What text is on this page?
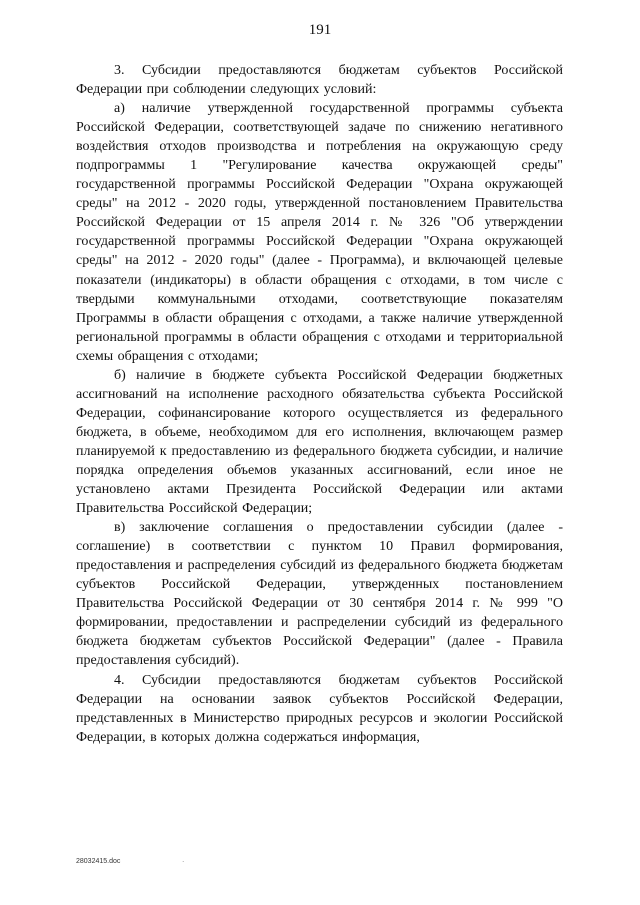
191

3. Субсидии предоставляются бюджетам субъектов Российской Федерации при соблюдении следующих условий:

а) наличие утвержденной государственной программы субъекта Российской Федерации, соответствующей задаче по снижению негативного воздействия отходов производства и потребления на окружающую среду подпрограммы 1 "Регулирование качества окружающей среды" государственной программы Российской Федерации "Охрана окружающей среды" на 2012 - 2020 годы, утвержденной постановлением Правительства Российской Федерации от 15 апреля 2014 г. № 326 "Об утверждении государственной программы Российской Федерации "Охрана окружающей среды" на 2012 - 2020 годы" (далее - Программа), и включающей целевые показатели (индикаторы) в области обращения с отходами, в том числе с твердыми коммунальными отходами, соответствующие показателям Программы в области обращения с отходами, а также наличие утвержденной региональной программы в области обращения с отходами и территориальной схемы обращения с отходами;

б) наличие в бюджете субъекта Российской Федерации бюджетных ассигнований на исполнение расходного обязательства субъекта Российской Федерации, софинансирование которого осуществляется из федерального бюджета, в объеме, необходимом для его исполнения, включающем размер планируемой к предоставлению из федерального бюджета субсидии, и наличие порядка определения объемов указанных ассигнований, если иное не установлено актами Президента Российской Федерации или актами Правительства Российской Федерации;

в) заключение соглашения о предоставлении субсидии (далее - соглашение) в соответствии с пунктом 10 Правил формирования, предоставления и распределения субсидий из федерального бюджета бюджетам субъектов Российской Федерации, утвержденных постановлением Правительства Российской Федерации от 30 сентября 2014 г. № 999 "О формировании, предоставлении и распределении субсидий из федерального бюджета бюджетам субъектов Российской Федерации" (далее - Правила предоставления субсидий).

4. Субсидии предоставляются бюджетам субъектов Российской Федерации на основании заявок субъектов Российской Федерации, представленных в Министерство природных ресурсов и экологии Российской Федерации, в которых должна содержаться информация,

28032415.doc	·
